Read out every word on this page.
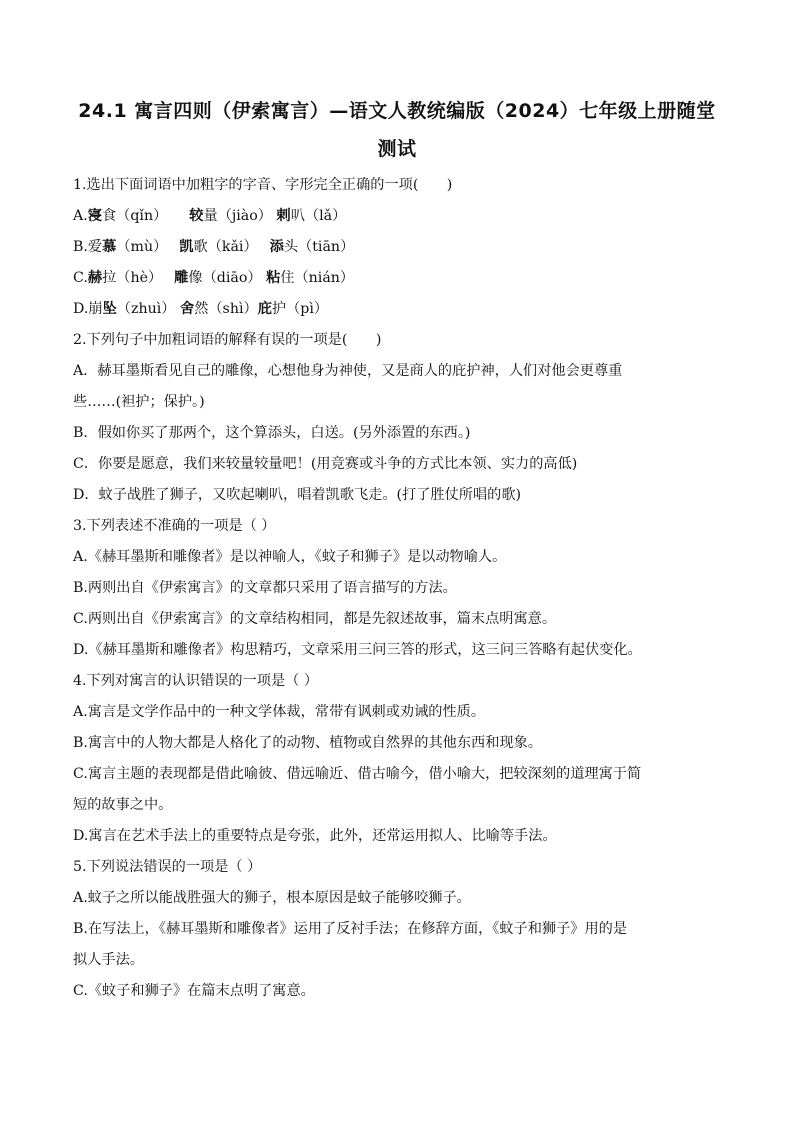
24.1 寓言四则（伊索寓言）—语文人教统编版（2024）七年级上册随堂
测试
1.选出下面词语中加粗字的字音、字形完全正确的一项(　　)
A.寖食（qǐn） 较量（jiào） 剌叭（lǎ）
B.爱慕（mù） 凯歌（kǎi） 添头（tiān）
C.赫拉（hè） 雕像（diāo） 粘住（nián）
D.崩坠（zhuì） 舍然（shì）庇护（pì）
2.下列句子中加粗词语的解释有误的一项是(　　)
A．赫耳墨斯看见自己的雕像，心想他身为神使，又是商人的庇护神，人们对他会更尊重
些……(袒护；保护。)
B．假如你买了那两个，这个算添头，白送。(另外添置的东西。)
C．你要是愿意，我们来较量较量吧！(用竞赛或斗争的方式比本领、实力的高低)
D．蚊子战胜了狮子，又吹起喇叭，唱着凯歌飞走。(打了胜仗所唱的歌)
3.下列表述不准确的一项是（ ）
A.《赫耳墨斯和雕像者》是以神喻人，《蚊子和狮子》是以动物喻人。
B.两则出自《伊索寓言》的文章都只采用了语言描写的方法。
C.两则出自《伊索寓言》的文章结构相同，都是先叙述故事，篇末点明寓意。
D.《赫耳墨斯和雕像者》构思精巧，文章采用三问三答的形式，这三问三答略有起伏变化。
4.下列对寓言的认识错误的一项是（ ）
A.寓言是文学作品中的一种文学体裁，常带有讽刺或劝诫的性质。
B.寓言中的人物大都是人格化了的动物、植物或自然界的其他东西和现象。
C.寓言主题的表现都是借此喻彼、借远喻近、借古喻今，借小喻大，把较深刻的道理寓于简
短的故事之中。
D.寓言在艺术手法上的重要特点是夸张，此外，还常运用拟人、比喻等手法。
5.下列说法错误的一项是（ ）
A.蚊子之所以能战胜强大的狮子，根本原因是蚊子能够咬狮子。
B.在写法上，《赫耳墨斯和雕像者》运用了反衬手法；在修辞方面，《蚊子和狮子》用的是
拟人手法。
C.《蚊子和狮子》在篇末点明了寓意。
